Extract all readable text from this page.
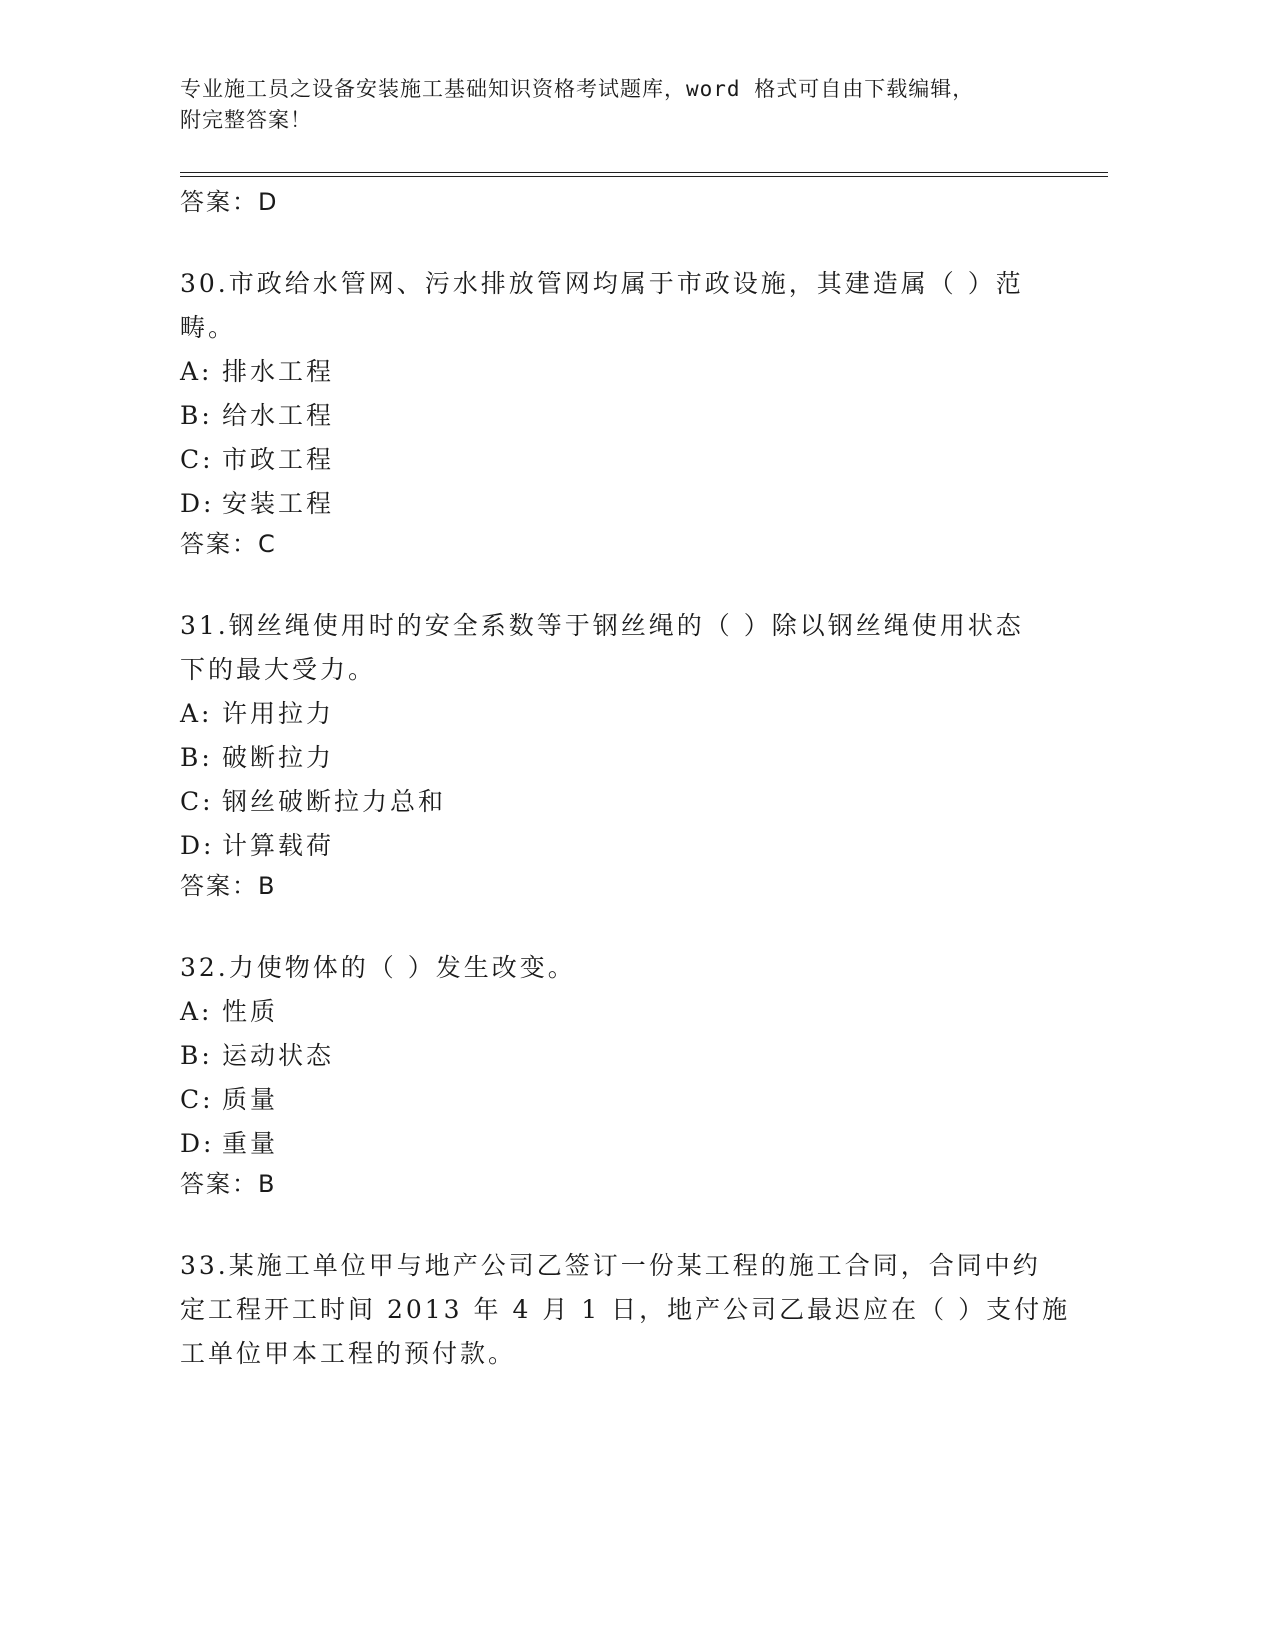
专业施工员之设备安装施工基础知识资格考试题库，word 格式可自由下载编辑，
附完整答案！
答案：D
30.市政给水管网、污水排放管网均属于市政设施，其建造属（ ）范
畴。
A: 排水工程
B: 给水工程
C: 市政工程
D: 安装工程
答案：C
31.钢丝绳使用时的安全系数等于钢丝绳的（ ）除以钢丝绳使用状态
下的最大受力。
A: 许用拉力
B: 破断拉力
C: 钢丝破断拉力总和
D: 计算载荷
答案：B
32.力使物体的（ ）发生改变。
A: 性质
B: 运动状态
C: 质量
D: 重量
答案：B
33.某施工单位甲与地产公司乙签订一份某工程的施工合同，合同中约
定工程开工时间 2013 年 4 月 1 日，地产公司乙最迟应在（ ）支付施
工单位甲本工程的预付款。
